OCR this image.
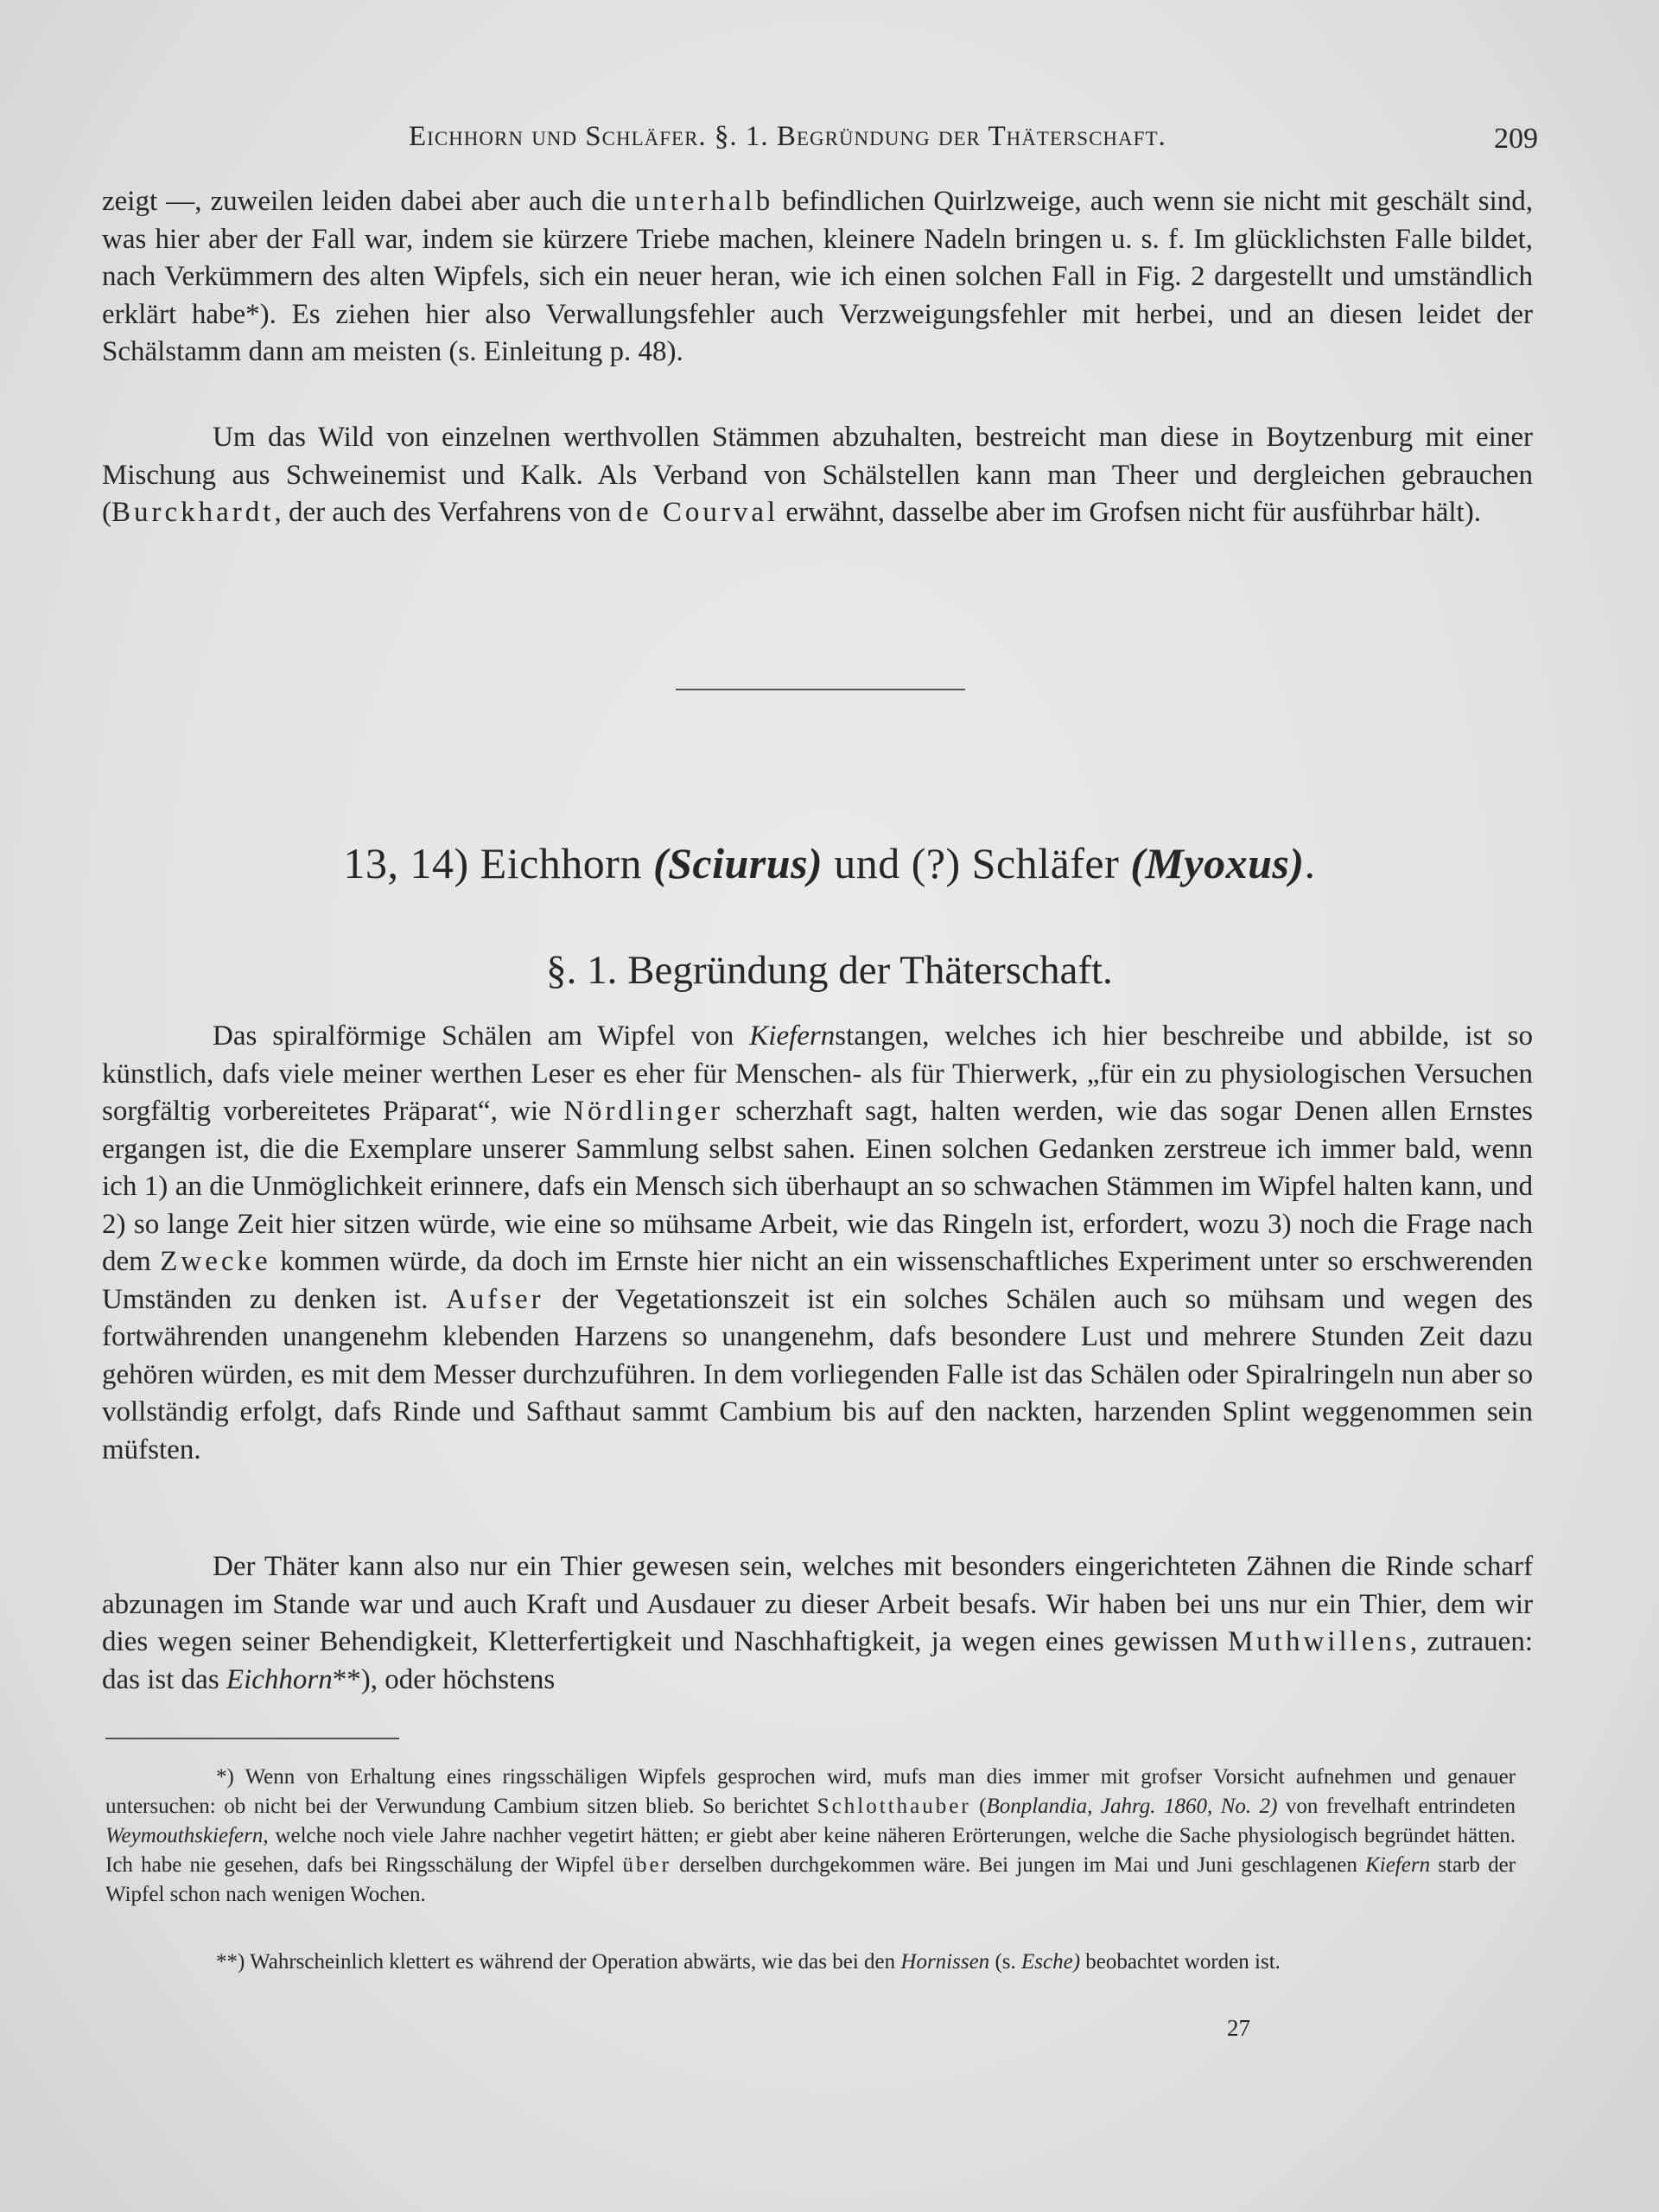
Eichhorn und Schläfer. §. 1. Begründung der Thäterschaft.	209

zeigt —, zuweilen leiden dabei aber auch die unterhalb befindlichen Quirlzweige, auch wenn sie nicht mit geschält sind, was hier aber der Fall war, indem sie kürzere Triebe machen, kleinere Nadeln bringen u. s. f. Im glücklichsten Falle bildet, nach Verkümmern des alten Wipfels, sich ein neuer heran, wie ich einen solchen Fall in Fig. 2 dargestellt und umständlich erklärt habe*). Es ziehen hier also Verwallungsfehler auch Verzweigungsfehler mit herbei, und an diesen leidet der Schälstamm dann am meisten (s. Einleitung p. 48).

Um das Wild von einzelnen werthvollen Stämmen abzuhalten, bestreicht man diese in Boytzenburg mit einer Mischung aus Schweinemist und Kalk. Als Verband von Schälstellen kann man Theer und dergleichen gebrauchen (Burckhardt, der auch des Verfahrens von de Courval erwähnt, dasselbe aber im Grofsen nicht für ausführbar hält).

13, 14) Eichhorn (Sciurus) und (?) Schläfer (Myoxus).
§. 1. Begründung der Thäterschaft.

Das spiralförmige Schälen am Wipfel von Kiefernstangen, welches ich hier beschreibe und abbilde, ist so künstlich, dafs viele meiner werthen Leser es eher für Menschen- als für Thierwerk, „für ein zu physiologischen Versuchen sorgfältig vorbereitetes Präparat“, wie Nördlinger scherzhaft sagt, halten werden, wie das sogar Denen allen Ernstes ergangen ist, die die Exemplare unserer Sammlung selbst sahen. Einen solchen Gedanken zerstreue ich immer bald, wenn ich 1) an die Unmöglichkeit erinnere, dafs ein Mensch sich überhaupt an so schwachen Stämmen im Wipfel halten kann, und 2) so lange Zeit hier sitzen würde, wie eine so mühsame Arbeit, wie das Ringeln ist, erfordert, wozu 3) noch die Frage nach dem Zwecke kommen würde, da doch im Ernste hier nicht an ein wissenschaftliches Experiment unter so erschwerenden Umständen zu denken ist. Aufser der Vegetationszeit ist ein solches Schälen auch so mühsam und wegen des fortwährenden unangenehm klebenden Harzens so unangenehm, dafs besondere Lust und mehrere Stunden Zeit dazu gehören würden, es mit dem Messer durchzuführen. In dem vorliegenden Falle ist das Schälen oder Spiralringeln nun aber so vollständig erfolgt, dafs Rinde und Safthaut sammt Cambium bis auf den nackten, harzenden Splint weggenommen sein müfsten.

Der Thäter kann also nur ein Thier gewesen sein, welches mit besonders eingerichteten Zähnen die Rinde scharf abzunagen im Stande war und auch Kraft und Ausdauer zu dieser Arbeit besafs. Wir haben bei uns nur ein Thier, dem wir dies wegen seiner Behendigkeit, Kletterfertigkeit und Naschhaftigkeit, ja wegen eines gewissen Muthwillens, zutrauen: das ist das Eichhorn**), oder höchstens

*) Wenn von Erhaltung eines ringsschäligen Wipfels gesprochen wird, mufs man dies immer mit grofser Vorsicht aufnehmen und genauer untersuchen: ob nicht bei der Verwundung Cambium sitzen blieb. So berichtet Schlotthauber (Bonplandia, Jahrg. 1860, No. 2) von frevelhaft entrindeten Weymouthskiefern, welche noch viele Jahre nachher vegetirt hätten; er giebt aber keine näheren Erörterungen, welche die Sache physiologisch begründet hätten. Ich habe nie gesehen, dafs bei Ringsschälung der Wipfel über derselben durchgekommen wäre. Bei jungen im Mai und Juni geschlagenen Kiefern starb der Wipfel schon nach wenigen Wochen.

**) Wahrscheinlich klettert es während der Operation abwärts, wie das bei den Hornissen (s. Esche) beobachtet worden ist.

27
